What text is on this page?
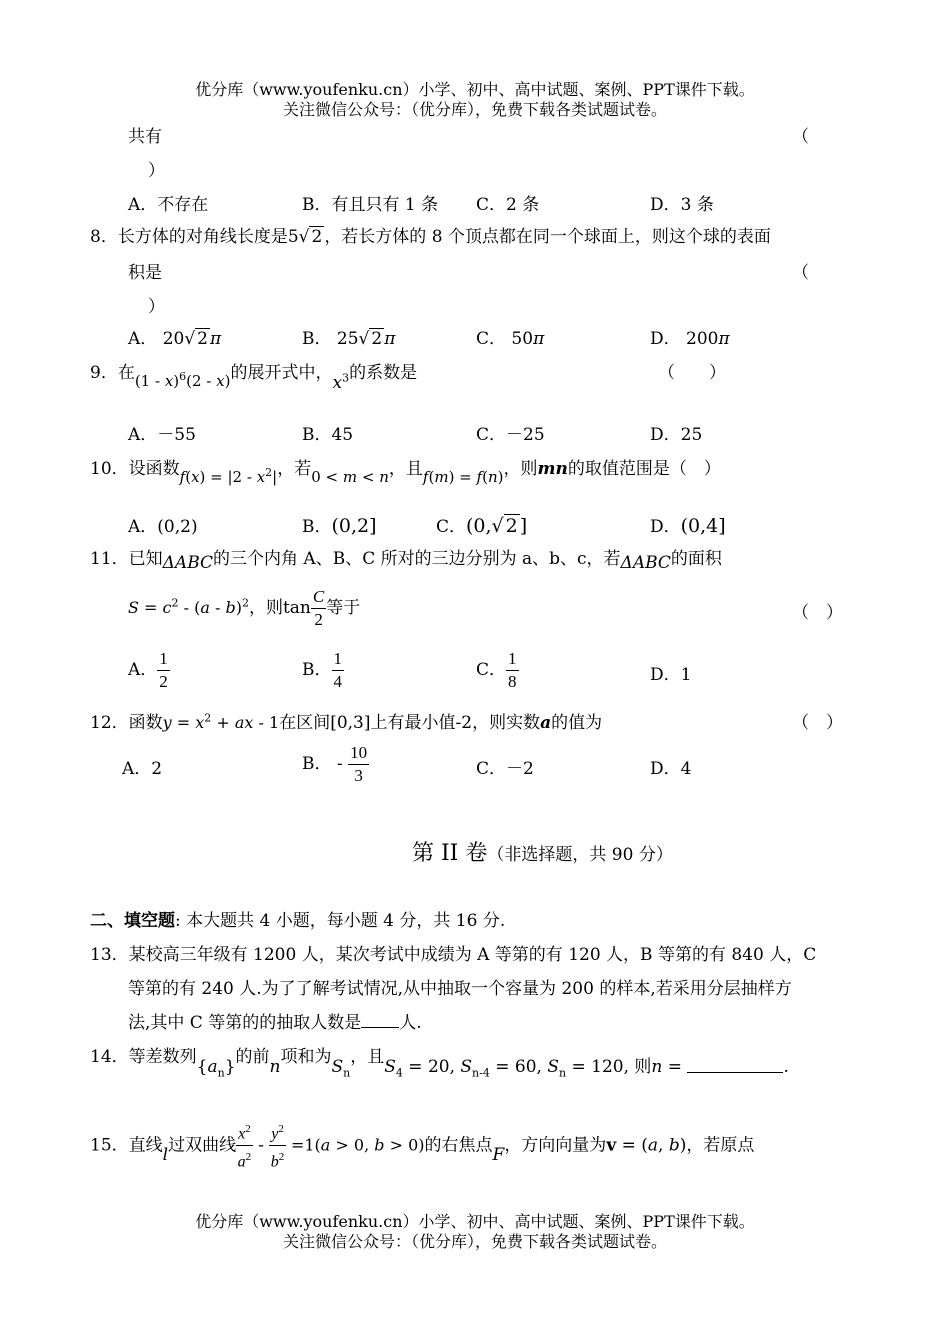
优分库（www.youfenku.cn）小学、初中、高中试题、案例、PPT课件下载。
关注微信公众号：（优分库），免费下载各类试题试卷。
共有	（
）
A．不存在	B．有且只有 1 条 C．2 条	D．3 条
8．长方体的对角线长度是5√ 2 ，若长方体的 8 个顶点都在同一个球面上，则这个球的表面
积是	（
）
A． 20√ 2 π	B． 25√ 2 π	C． 50π	D． 200π
9．在(1 - x)$^6$(2 - x)的展开式中，$x^3$的系数是	（　　）
A．－55	B．45	C．－25	D．25
10．设函数$f(x) = |2 - x^2|$，若0 < m < n，且f(m) = f(n)，则mn的取值范围是（　）
A．(0,2)	B．(0,2]	C．(0,√ 2 ]	D．(0,4]
11．已知ΔABC的三个内角 A、B、C 所对的三边分别为 a、b、c，若ΔABC的面积
$S = c^2 - (a - b)^2$，则$\tan \frac{C}{2}$ 等于	（　）
A． $\frac{1}{2}$	B． $\frac{1}{4}$	C． $\frac{1}{8}$	D．1
12．函数$y = x^2$ + ax - 1在区间[0,3]上有最小值-2，则实数a的值为	（　）
A．2	B． - $\frac{10}{3}$	C．－2	D．4
第 II 卷（非选择题，共 90 分）
二、填空题: 本大题共 4 小题，每小题 4 分，共 16 分.
13．某校高三年级有 1200 人，某次考试中成绩为 A 等第的有 120 人，B 等第的有 840 人，C
等第的有 240 人.为了了解考试情况,从中抽取一个容量为 200 的样本,若采用分层抽样方
法,其中 C 等第的的抽取人数是 人.
14．等差数列$\{a_n\}$的前n项和为$S_n$，且$S_4 = 20$, $S_{n-4} = 60$, $S_n = 120$, 则n =	.
15．直线l过双曲线 $\frac{x^2}{a^2} - \frac{y^2}{b^2} =1(a > 0$, b > 0)的右焦点F，方向向量为v = (a, b)，若原点
优分库（www.youfenku.cn）小学、初中、高中试题、案例、PPT课件下载。
关注微信公众号：（优分库），免费下载各类试题试卷。
